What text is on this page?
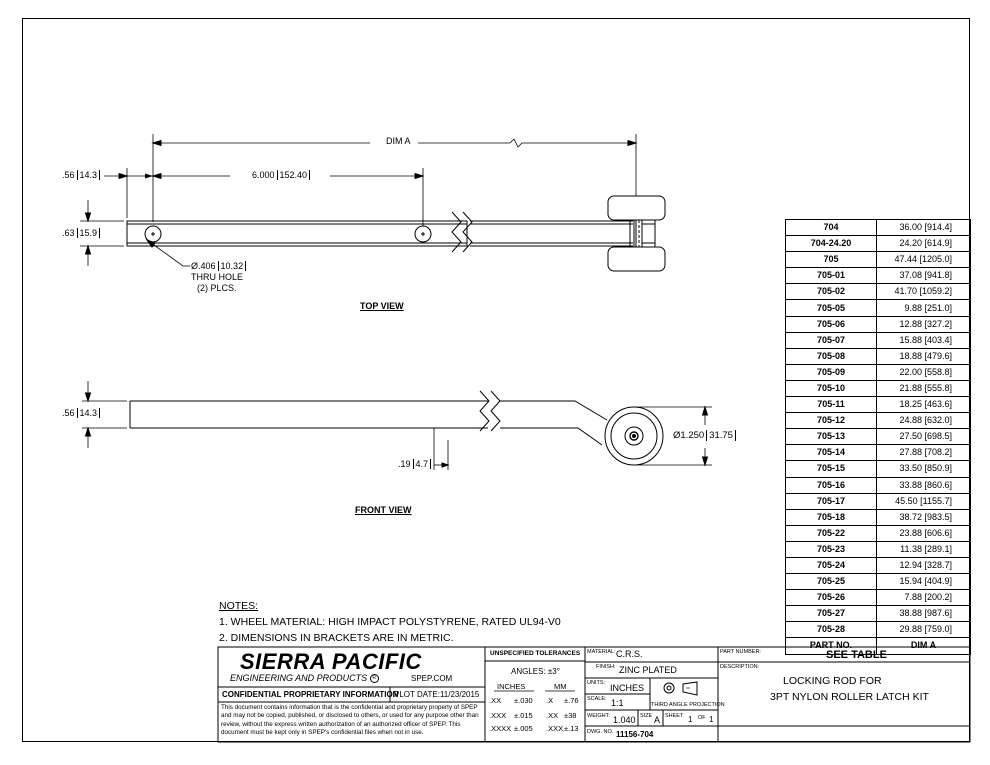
DIM A
6.000 152.40
.56 14.3
.63 15.9
Ø.406 10.32
THRU HOLE
(2) PLCS.
TOP VIEW
.56 14.3
.19 4.7
Ø1.250 31.75
FRONT VIEW
NOTES:
1. WHEEL MATERIAL: HIGH IMPACT POLYSTYRENE, RATED UL94-V0
2. DIMENSIONS IN BRACKETS ARE IN METRIC.
704	36.00 [914.4]
704-24.20	24.20 [614.9]
705	47.44 [1205.0]
705-01	37.08 [941.8]
705-02	41.70 [1059.2]
705-05	9.88 [251.0]
705-06	12.88 [327.2]
705-07	15.88 [403.4]
705-08	18.88 [479.6]
705-09	22.00 [558.8]
705-10	21.88 [555.8]
705-11	18.25 [463.6]
705-12	24.88 [632.0]
705-13	27.50 [698.5]
705-14	27.88 [708.2]
705-15	33.50 [850.9]
705-16	33.88 [860.6]
705-17	45.50 [1155.7]
705-18	38.72 [983.5]
705-22	23.88 [606.6]
705-23	11.38 [289.1]
705-24	12.94 [328.7]
705-25	15.94 [404.9]
705-26	7.88 [200.2]
705-27	38.88 [987.6]
705-28	29.88 [759.0]
PART NO.	DIM A
SIERRA PACIFIC
ENGINEERING AND PRODUCTS R	SPEP.COM
CONFIDENTIAL PROPRIETARY INFORMATION
PLOT DATE:11/23/2015
This document contains information that is the confidential and proprietary property of SPEP and may not be copied, published, or disclosed to others, or used for any purpose other than review, without the express written authorization of an authorized officer of SPEP. This document must be kept only in SPEP's confidential files when not in use.
UNSPECIFIED TOLERANCES
ANGLES: ±3°
INCHES	MM
.XX ±.030 .X ±.76
.XXX ±.015 .XX ±38
.XXXX ±.005 .XXX ±.13
MATERIAL: C.R.S.
FINISH: ZINC PLATED
UNITS: INCHES
SCALE: 1:1	THIRD ANGLE PROJECTION
WEIGHT: 1.040 SIZE A SHEET 1 OF 1
DWG. NO. 11156-704
PART NUMBER:	SEE TABLE
DESCRIPTION:
LOCKING ROD FOR
3PT NYLON ROLLER LATCH KIT
